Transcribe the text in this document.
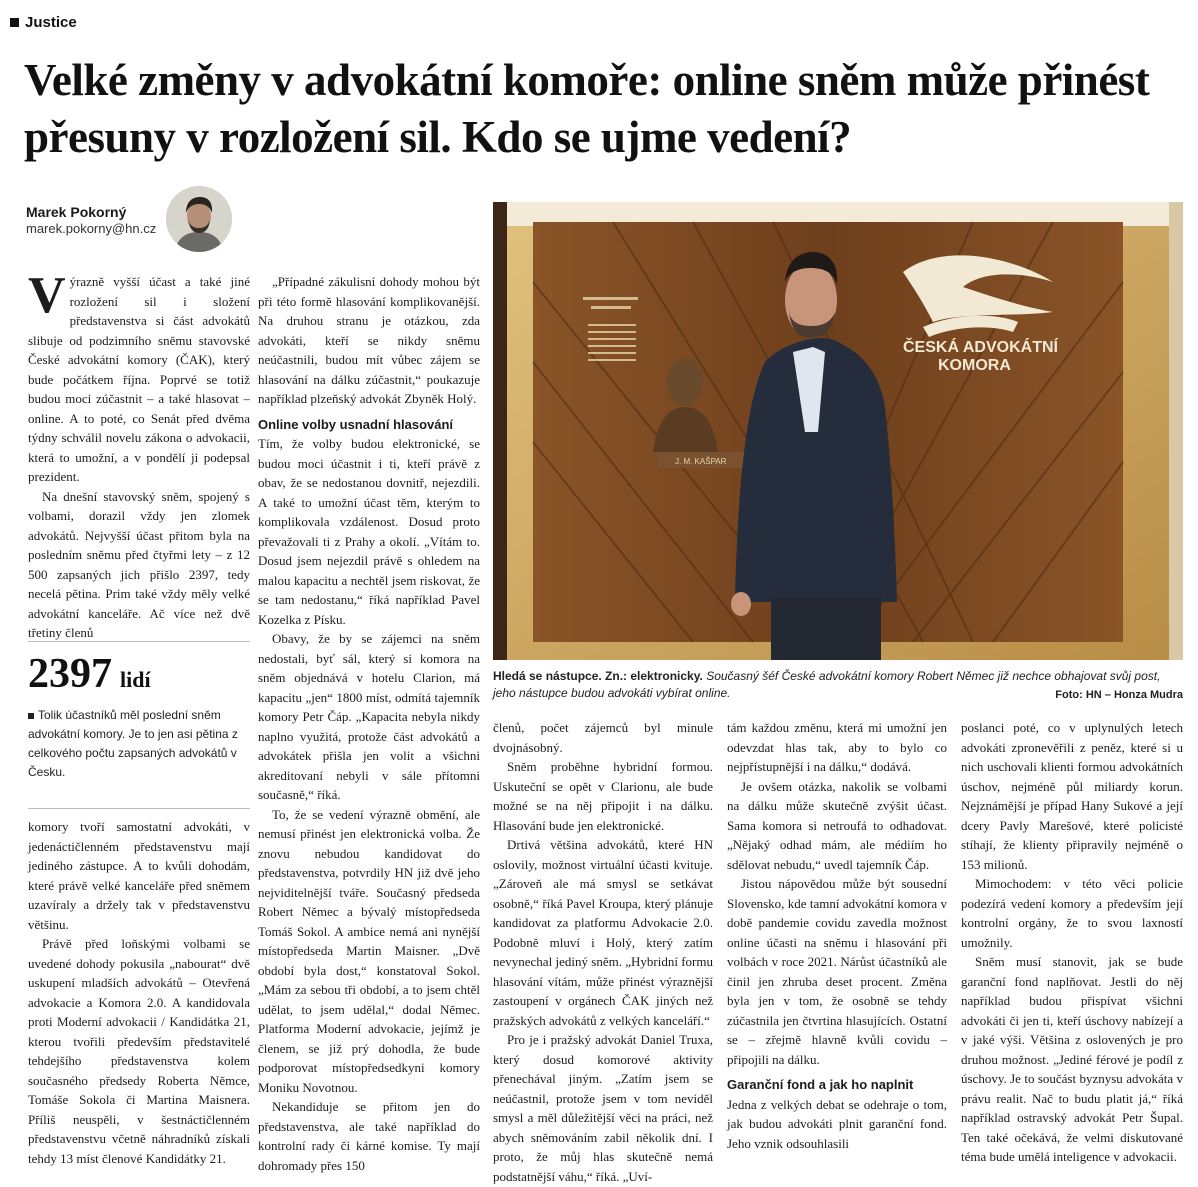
Justice
Velké změny v advokátní komoře: online sněm může přinést přesuny v rozložení sil. Kdo se ujme vedení?
Marek Pokorný
marek.pokorny@hn.cz

Výrazně vyšší účast a také jiné rozložení sil i složení představenstva si část advokátů slibuje od podzimního sněmu stavovské České advokátní komory (ČAK), který bude počátkem října. Poprvé se totiž budou moci zúčastnit – a také hlasovat – online. A to poté, co Senát před dvěma týdny schválil novelu zákona o advokacii, která to umožní, a v pondělí ji podepsal prezident.

Na dnešní stavovský sněm, spojený s volbami, dorazil vždy jen zlomek advokátů. Nejvyšší účast přitom byla na posledním sněmu před čtyřmi lety – z 12 500 zapsaných jich přišlo 2397, tedy necelá pětina. Prim také vždy měly velké advokátní kanceláře. Ač více než dvě třetiny členů

2397 lidí
Tolik účastníků měl poslední sněm advokátní komory. Je to jen asi pětina z celkového počtu zapsaných advokátů v Česku.

komory tvoří samostatní advokáti, v jedenáctičlenném představenstvu mají jediného zástupce. A to kvůli dohodám, které právě velké kanceláře před sněmem uzavíraly a držely tak v představenstvu většinu.

Právě před loňskými volbami se uvedené dohody pokusila „nabourat“ dvě uskupení mladších advokátů – Otevřená advokacie a Komora 2.0. A kandidovala proti Moderní advokacii / Kandidátka 21, kterou tvořili především představitelé tehdejšího představenstva kolem současného předsedy Roberta Němce, Tomáše Sokola či Martina Maisnera. Příliš neuspěli, v šestnáctičlenném představenstvu včetně náhradníků získali tehdy 13 míst členové Kandidátky 21.

„Případné zákulisní dohody mohou být při této formě hlasování komplikovanější. Na druhou stranu je otázkou, zda advokáti, kteří se nikdy sněmu neúčastnili, budou mít vůbec zájem se hlasování na dálku zúčastnit,“ poukazuje například plzeňský advokát Zbyněk Holý.

Online volby usnadní hlasování

Tím, že volby budou elektronické, se budou moci účastnit i ti, kteří právě z obav, že se nedostanou dovnitř, nejezdili. A také to umožní účast těm, kterým to komplikovala vzdálenost. Dosud proto převažovali ti z Prahy a okolí. „Vítám to. Dosud jsem nejezdil právě s ohledem na malou kapacitu a nechtěl jsem riskovat, že se tam nedostanu,“ říká například Pavel Kozelka z Písku.

Obavy, že by se zájemci na sněm nedostali, byť sál, který si komora na sněm objednává v hotelu Clarion, má kapacitu „jen“ 1800 míst, odmítá tajemník komory Petr Čáp. „Kapacita nebyla nikdy naplno využitá, protože část advokátů a advokátek přišla jen volit a všichni akreditovaní nebyli v sále přítomni současně,“ říká.

To, že se vedení výrazně obmění, ale nemusí přinést jen elektronická volba. Že znovu nebudou kandidovat do představenstva, potvrdily HN již dvě jeho nejviditelnější tváře. Současný předseda Robert Němec a bývalý místopředseda Tomáš Sokol. A ambice nemá ani nynější místopředseda Martin Maisner. „Dvě období byla dost,“ konstatoval Sokol. „Mám za sebou tři období, a to jsem chtěl udělat, to jsem udělal,“ dodal Němec. Platforma Moderní advokacie, jejímž je členem, se již prý dohodla, že bude podporovat místopředsedkyni komory Moniku Novotnou.

Nekandiduje se přitom jen do představenstva, ale také například do kontrolní rady či kárné komise. Ty mají dohromady přes 150

ČESKÁ ADVOKÁTNÍ
KOMORA
J. M. KAŠPAR
Hledá se nástupce. Zn.: elektronicky. Současný šéf České advokátní komory Robert Němec již nechce obhajovat svůj post, jeho nástupce budou advokáti vybírat online.	Foto: HN – Honza Mudra

členů, počet zájemců byl minule dvojnásobný.

Sněm proběhne hybridní formou. Uskuteční se opět v Clarionu, ale bude možné se na něj připojit i na dálku. Hlasování bude jen elektronické.

Drtivá většina advokátů, které HN oslovily, možnost virtuální účasti kvituje. „Zároveň ale má smysl se setkávat osobně,“ říká Pavel Kroupa, který plánuje kandidovat za platformu Advokacie 2.0. Podobně mluví i Holý, který zatím nevynechal jediný sněm. „Hybridní formu hlasování vítám, může přinést výraznější zastoupení v orgánech ČAK jiných než pražských advokátů z velkých kanceláří.“

Pro je i pražský advokát Daniel Truxa, který dosud komorové aktivity přenechával jiným. „Zatím jsem se neúčastnil, protože jsem v tom neviděl smysl a měl důležitější věci na práci, než abych sněmováním zabil několik dní. I proto, že můj hlas skutečně nemá podstatnější váhu,“ říká. „Uví-

tám každou změnu, která mi umožní jen odevzdat hlas tak, aby to bylo co nejpřístupnější i na dálku,“ dodává.

Je ovšem otázka, nakolik se volbami na dálku může skutečně zvýšit účast. Sama komora si netroufá to odhadovat. „Nějaký odhad mám, ale médiím ho sdělovat nebudu,“ uvedl tajemník Čáp.

Jistou nápovědou může být sousední Slovensko, kde tamní advokátní komora v době pandemie covidu zavedla možnost online účasti na sněmu i hlasování při volbách v roce 2021. Nárůst účastníků ale činil jen zhruba deset procent. Změna byla jen v tom, že osobně se tehdy zúčastnila jen čtvrtina hlasujících. Ostatní se – zřejmě hlavně kvůli covidu – připojili na dálku.

Garanční fond a jak ho naplnit

Jedna z velkých debat se odehraje o tom, jak budou advokáti plnit garanční fond. Jeho vznik odsouhlasili

poslanci poté, co v uplynulých letech advokáti zpronevěřili z peněz, které si u nich uschovali klienti formou advokátních úschov, nejméně půl miliardy korun. Nejznámější je případ Hany Sukové a její dcery Pavly Marešové, které policisté stíhají, že klienty připravily nejméně o 153 milionů.

Mimochodem: v této věci policie podezírá vedení komory a především její kontrolní orgány, že to svou laxností umožnily.

Sněm musí stanovit, jak se bude garanční fond naplňovat. Jestli do něj například budou přispívat všichni advokáti či jen ti, kteří úschovy nabízejí a v jaké výši. Většina z oslovených je pro druhou možnost. „Jediné férové je podíl z úschovy. Je to součást byznysu advokáta v právu realit. Nač to budu platit já,“ říká například ostravský advokát Petr Šupal. Ten také očekává, že velmi diskutované téma bude umělá inteligence v advokacii.
